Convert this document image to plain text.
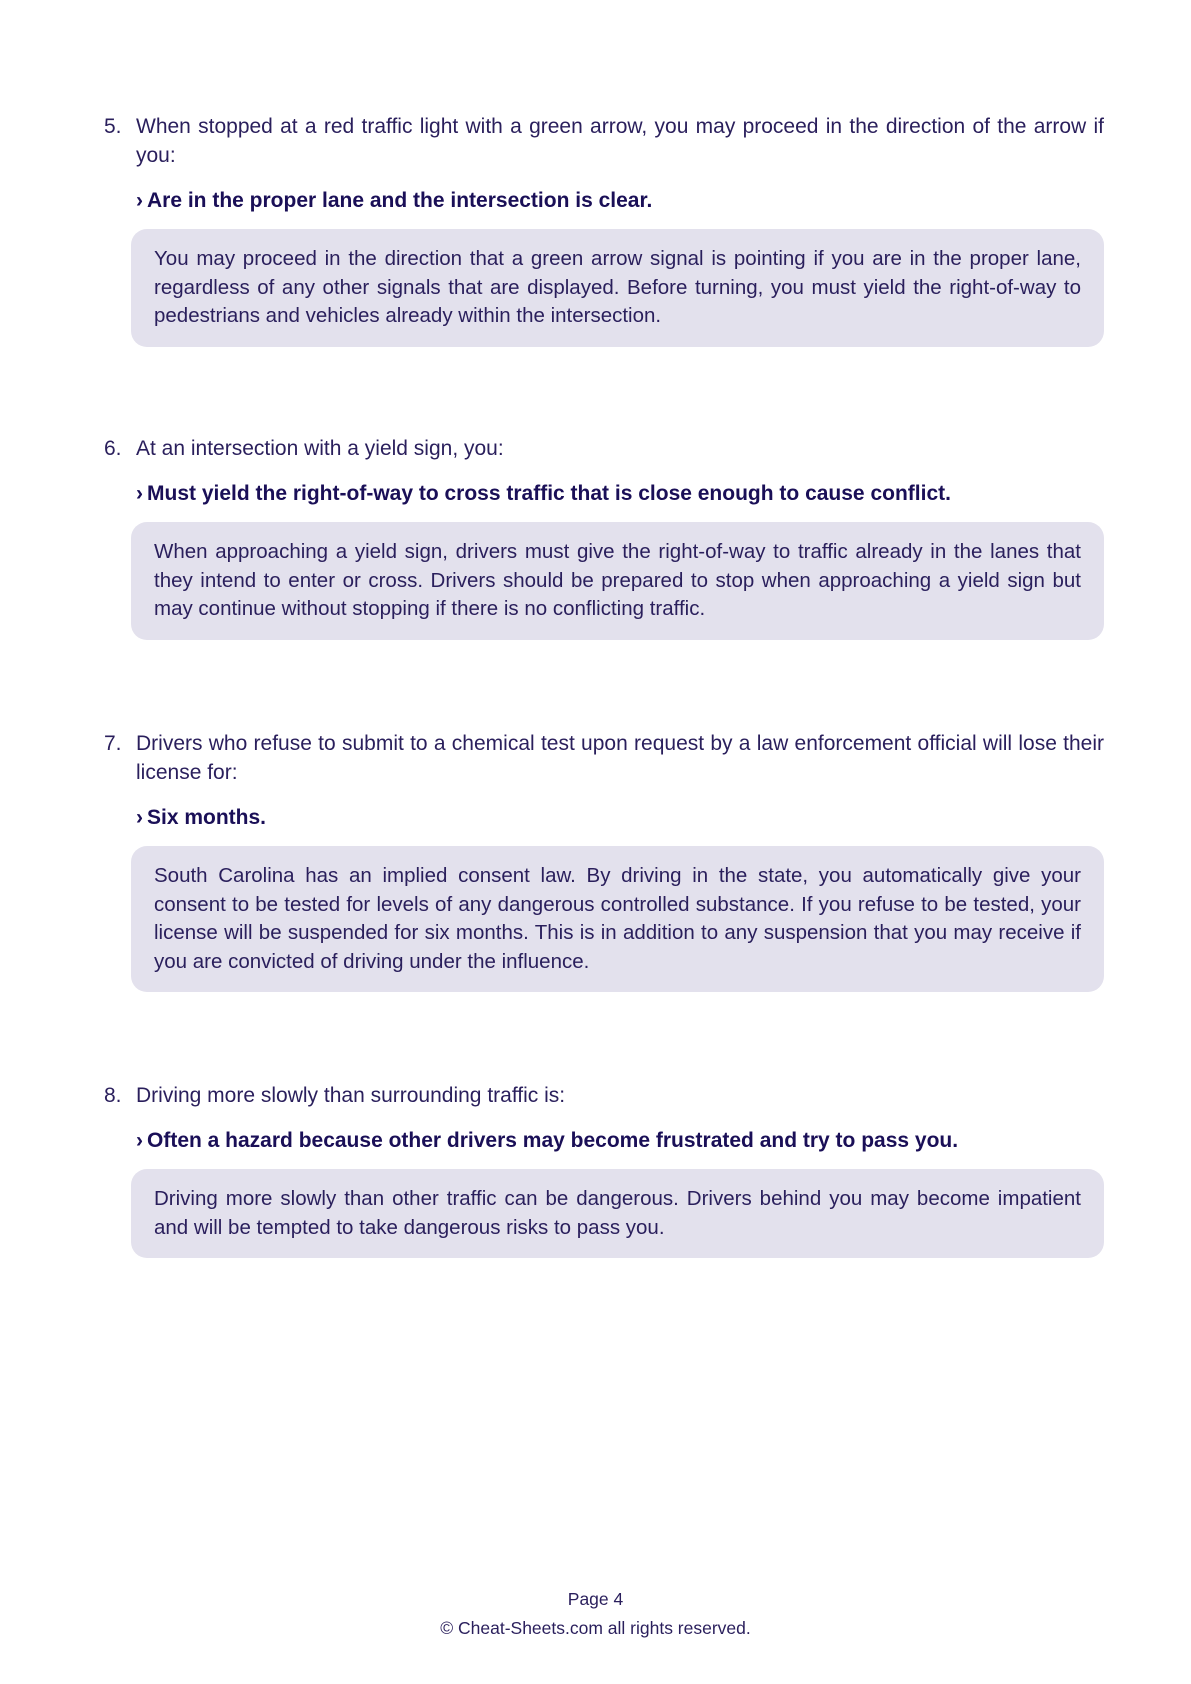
5. When stopped at a red traffic light with a green arrow, you may proceed in the direction of the arrow if you:
› Are in the proper lane and the intersection is clear.
You may proceed in the direction that a green arrow signal is pointing if you are in the proper lane, regardless of any other signals that are displayed. Before turning, you must yield the right-of-way to pedestrians and vehicles already within the intersection.
6. At an intersection with a yield sign, you:
› Must yield the right-of-way to cross traffic that is close enough to cause conflict.
When approaching a yield sign, drivers must give the right-of-way to traffic already in the lanes that they intend to enter or cross. Drivers should be prepared to stop when approaching a yield sign but may continue without stopping if there is no conflicting traffic.
7. Drivers who refuse to submit to a chemical test upon request by a law enforcement official will lose their license for:
› Six months.
South Carolina has an implied consent law. By driving in the state, you automatically give your consent to be tested for levels of any dangerous controlled substance. If you refuse to be tested, your license will be suspended for six months. This is in addition to any suspension that you may receive if you are convicted of driving under the influence.
8. Driving more slowly than surrounding traffic is:
› Often a hazard because other drivers may become frustrated and try to pass you.
Driving more slowly than other traffic can be dangerous. Drivers behind you may become impatient and will be tempted to take dangerous risks to pass you.
Page 4
© Cheat-Sheets.com all rights reserved.
